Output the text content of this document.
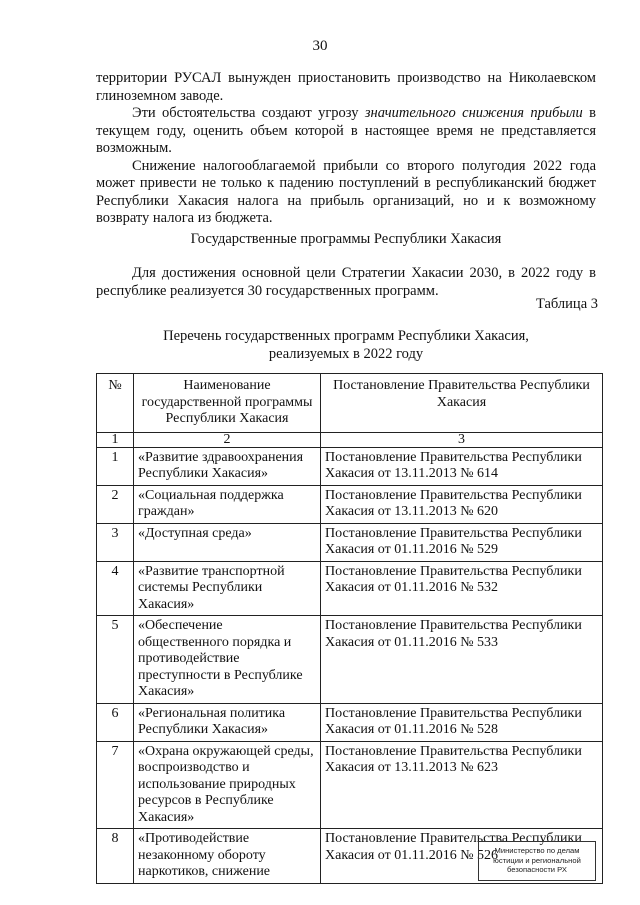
30

территории РУСАЛ вынужден приостановить производство на Николаевском глиноземном заводе.

Эти обстоятельства создают угрозу значительного снижения прибыли в текущем году, оценить объем которой в настоящее время не представляется возможным.

Снижение налогооблагаемой прибыли со второго полугодия 2022 года может привести не только к падению поступлений в республиканский бюджет Республики Хакасия налога на прибыль организаций, но и к возможному возврату налога из бюджета.

Государственные программы Республики Хакасия

Для достижения основной цели Стратегии Хакасии 2030, в 2022 году в республике реализуется 30 государственных программ.

Таблица 3
Перечень государственных программ Республики Хакасия,
реализуемых в 2022 году
№	Наименование государственной программы Республики Хакасия	Постановление Правительства Республики Хакасия
1	2	3
1	«Развитие здравоохранения Республики Хакасия»	Постановление Правительства Республики Хакасия от 13.11.2013 № 614
2	«Социальная поддержка граждан»	Постановление Правительства Республики Хакасия от 13.11.2013 № 620
3	«Доступная среда»	Постановление Правительства Республики Хакасия от 01.11.2016 № 529
4	«Развитие транспортной системы Республики Хакасия»	Постановление Правительства Республики Хакасия от 01.11.2016 № 532
5	«Обеспечение общественного порядка и противодействие преступности в Республике Хакасия»	Постановление Правительства Республики Хакасия от 01.11.2016 № 533
6	«Региональная политика Республики Хакасия»	Постановление Правительства Республики Хакасия от 01.11.2016 № 528
7	«Охрана окружающей среды, воспроизводство и использование природных ресурсов в Республике Хакасия»	Постановление Правительства Республики Хакасия от 13.11.2013 № 623
8	«Противодействие незаконному обороту наркотиков, снижение	Постановление Правительства Республики Хакасия от 01.11.2016 № 526
Министерство по делам
юстиции и региональной
безопасности РХ
